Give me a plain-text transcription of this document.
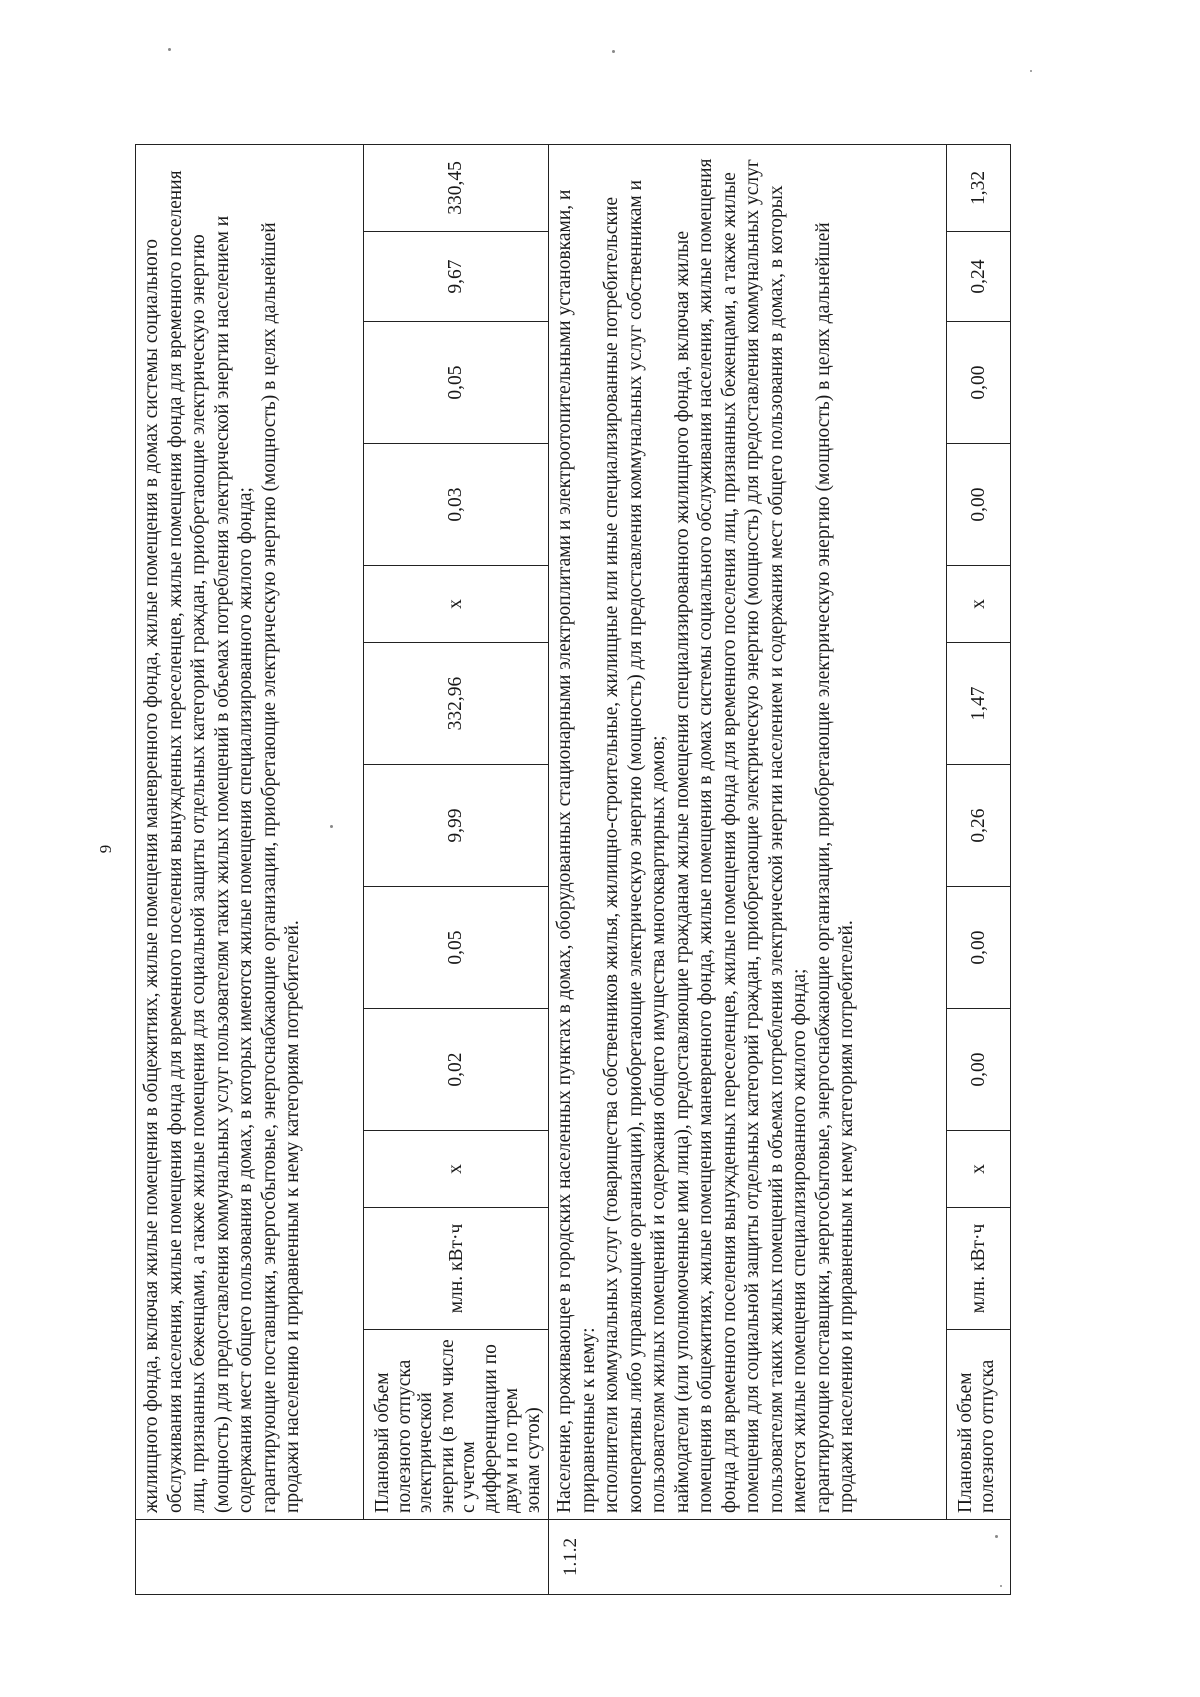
9

	жилищного фонда, включая жилые помещения в общежитиях, жилые помещения маневренного фонда, жилые помещения в домах системы социального обслуживания населения, жилые помещения фонда для временного поселения вынужденных переселенцев, жилые помещения фонда для временного поселения лиц, признанных беженцами, а также жилые помещения для социальной защиты отдельных категорий граждан, приобретающие электрическую энергию (мощность) для предоставления коммунальных услуг пользователям таких жилых помещений в объемах потребления электрической энергии населением и содержания мест общего пользования в домах, в которых имеются жилые помещения специализированного жилого фонда; гарантирующие поставщики, энергосбытовые, энергоснабжающие организации, приобретающие электрическую энергию (мощность) в целях дальнейшей продажи населению и приравненным к нему категориям потребителей.											

	Плановый объем полезного отпуска электрической энергии (в том числе с учетом дифференциации по двум и по трем зонам суток)	млн. кВт·ч	x	0,02	0,05	9,99	332,96	x	0,03	0,05	9,67	330,45
1.1.2	Население, проживающее в городских населенных пунктах в домах, оборудованных стационарными электроплитами и электроотопительными установками, и приравненные к нему: исполнители коммунальных услуг (товарищества собственников жилья, жилищно-строительные, жилищные или иные специализированные потребительские кооперативы либо управляющие организации), приобретающие электрическую энергию (мощность) для предоставления коммунальных услуг собственникам и пользователям жилых помещений и содержания общего имущества многоквартирных домов; наймодатели (или уполномоченные ими лица), предоставляющие гражданам жилые помещения специализированного жилищного фонда, включая жилые помещения в общежитиях, жилые помещения маневренного фонда, жилые помещения в домах системы социального обслуживания населения, жилые помещения фонда для временного поселения вынужденных переселенцев, жилые помещения фонда для временного поселения лиц, признанных беженцами, а также жилые помещения для социальной защиты отдельных категорий граждан, приобретающие электрическую энергию (мощность) для предоставления коммунальных услуг пользователям таких жилых помещений в объемах потребления электрической энергии населением и содержания мест общего пользования в домах, в которых имеются жилые помещения специализированного жилого фонда; гарантирующие поставщики, энергосбытовые, энергоснабжающие организации, приобретающие электрическую энергию (мощность) в целях дальнейшей продажи населению и приравненным к нему категориям потребителей.											

	Плановый объем полезного отпуска	млн. кВт·ч	x	0,00	0,00	0,26	1,47	x	0,00	0,00	0,24	1,32
